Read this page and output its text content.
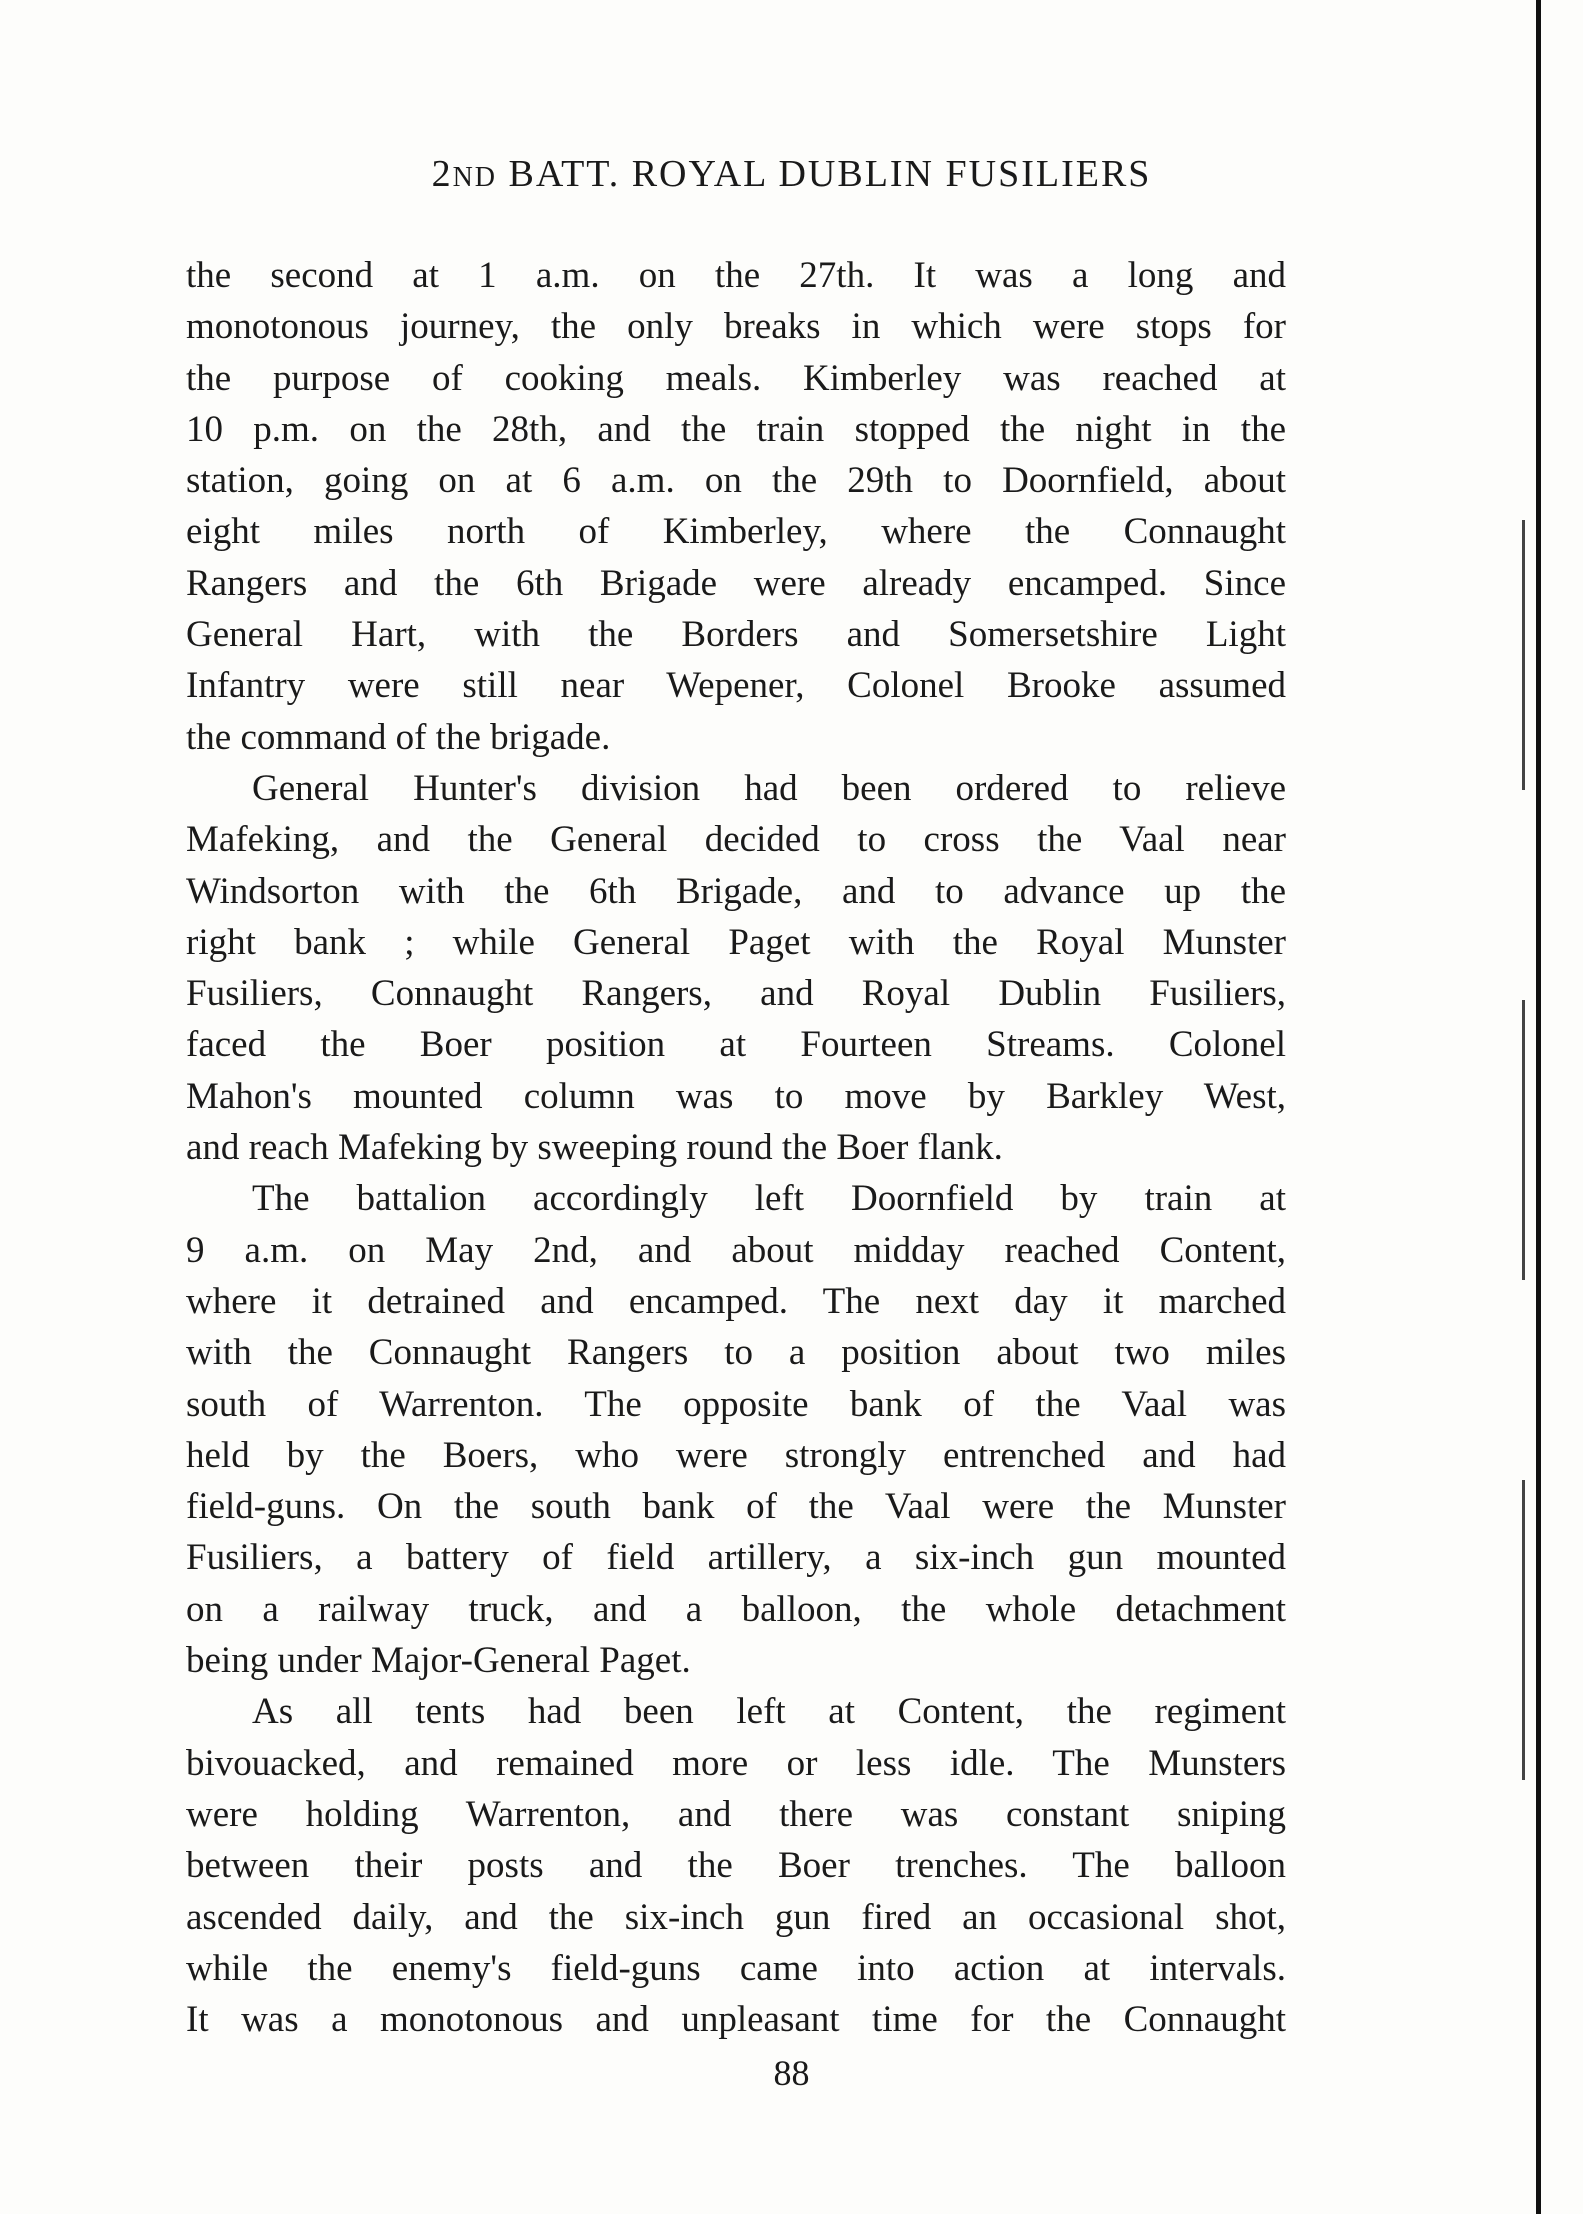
2ND BATT. ROYAL DUBLIN FUSILIERS
the second at 1 a.m. on the 27th. It was a long and
monotonous journey, the only breaks in which were stops for
the purpose of cooking meals. Kimberley was reached at
10 p.m. on the 28th, and the train stopped the night in the
station, going on at 6 a.m. on the 29th to Doornfield, about
eight miles north of Kimberley, where the Connaught
Rangers and the 6th Brigade were already encamped. Since
General Hart, with the Borders and Somersetshire Light
Infantry were still near Wepener, Colonel Brooke assumed
the command of the brigade.
General Hunter's division had been ordered to relieve
Mafeking, and the General decided to cross the Vaal near
Windsorton with the 6th Brigade, and to advance up the
right bank ; while General Paget with the Royal Munster
Fusiliers, Connaught Rangers, and Royal Dublin Fusiliers,
faced the Boer position at Fourteen Streams. Colonel
Mahon's mounted column was to move by Barkley West,
and reach Mafeking by sweeping round the Boer flank.
The battalion accordingly left Doornfield by train at
9 a.m. on May 2nd, and about midday reached Content,
where it detrained and encamped. The next day it marched
with the Connaught Rangers to a position about two miles
south of Warrenton. The opposite bank of the Vaal was
held by the Boers, who were strongly entrenched and had
field-guns. On the south bank of the Vaal were the Munster
Fusiliers, a battery of field artillery, a six-inch gun mounted
on a railway truck, and a balloon, the whole detachment
being under Major-General Paget.
As all tents had been left at Content, the regiment
bivouacked, and remained more or less idle. The Munsters
were holding Warrenton, and there was constant sniping
between their posts and the Boer trenches. The balloon
ascended daily, and the six-inch gun fired an occasional shot,
while the enemy's field-guns came into action at intervals.
It was a monotonous and unpleasant time for the Connaught
88
